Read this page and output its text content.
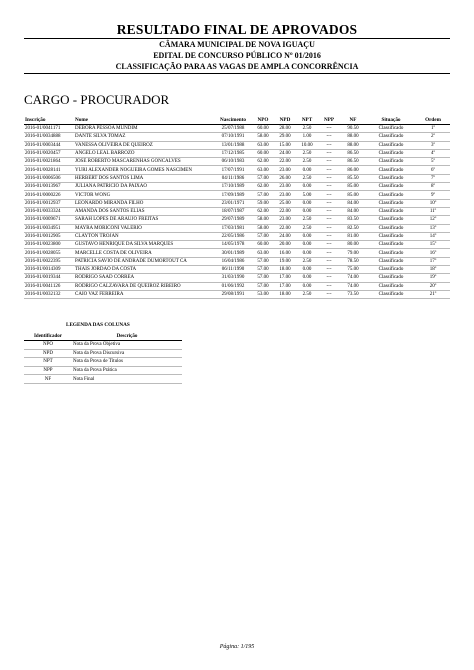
RESULTADO FINAL DE APROVADOS
CÂMARA MUNICIPAL DE NOVA IGUAÇU
EDITAL DE CONCURSO PÚBLICO Nº 01/2016
CLASSIFICAÇÃO PARA AS VAGAS DE AMPLA CONCORRÊNCIA
CARGO - PROCURADOR
Inscrição	Nome	Nascimento	NPO	NPD	NPT	NPP	NF	Situação	Ordem
2016-01/0041171	DEBORA PESSOA MUNDIM	25/07/1988	60.00	28.00	2.50	---	90.50	Classificado	1º
2016-01/0034888	DANTE SILVA TOMAZ	07/10/1991	58.00	29.00	1.00	---	88.00	Classificado	2º
2016-01/0003444	VANESSA OLIVEIRA DE QUEIROZ	13/01/1988	63.00	15.00	10.00	---	88.00	Classificado	3º
2016-01/0020457	ANGELO LEAL BARROZO	17/12/1985	60.00	24.00	2.50	---	86.50	Classificado	4º
2016-01/0021864	JOSE ROBERTO MASCARENHAS GONCALVES	06/10/1983	62.00	22.00	2.50	---	86.50	Classificado	5º
2016-01/0028141	YURI ALEXANDER NOGUEIRA GOMES NASCIMEN	17/07/1991	63.00	23.00	0.00	---	86.00	Classificado	6º
2016-01/0006506	HERBERT DOS SANTOS LIMA	04/11/1986	57.00	26.00	2.50	---	85.50	Classificado	7º
2016-01/0013967	JULIANA PATRICIO DA PAIXAO	17/10/1989	62.00	23.00	0.00	---	85.00	Classificado	8º
2016-01/0000226	VICTOR WONG	17/09/1989	57.00	23.00	5.00	---	85.00	Classificado	9º
2016-01/0012937	LEONARDO MIRANDA FILHO	23/01/1971	59.00	25.00	0.00	---	84.00	Classificado	10º
2016-01/0033324	AMANDA DOS SANTOS ELIAS	18/07/1987	62.00	22.00	0.00	---	84.00	Classificado	11º
2016-01/0009671	SARAH LOPES DE ARAUJO FREITAS	29/07/1989	58.00	23.00	2.50	---	83.50	Classificado	12º
2016-01/0034951	MAYRA MORICONI VALERIO	17/03/1981	58.00	22.00	2.50	---	82.50	Classificado	13º
2016-01/0012905	CLAYTON TROJAN	22/05/1986	57.00	24.00	0.00	---	81.00	Classificado	14º
2016-01/0023800	GUSTAVO HENRIQUE DA SILVA MARQUES	14/05/1978	60.00	20.00	0.00	---	80.00	Classificado	15º
2016-01/0028055	MARCELLE COSTA DE OLIVEIRA	30/01/1989	63.00	16.00	0.00	---	79.00	Classificado	16º
2016-01/0022395	PATRICIA SAVIO DE ANDRADE DUMORTOUT CA	16/04/1986	57.00	19.00	2.50	---	78.50	Classificado	17º
2016-01/0014309	THAIS JORDAO DA COSTA	06/11/1990	57.00	18.00	0.00	---	75.00	Classificado	18º
2016-01/0019344	RODRIGO SAAD CORREA	31/03/1990	57.00	17.00	0.00	---	74.00	Classificado	19º
2016-01/0041126	RODRIGO CALZAVARA DE QUEIROZ RIBEIRO	01/06/1992	57.00	17.00	0.00	---	74.00	Classificado	20º
2016-01/0032132	CAIO VAZ FERREIRA	29/08/1991	53.00	18.00	2.50	---	73.50	Classificado	21º
LEGENDA DAS COLUNAS
Identificador	Descrição
NPO	Nota da Prova Objetiva
NPD	Nota da Prova Discursiva
NPT	Nota da Prova de Títulos
NPP	Nota da Prova Prática
NF	Nota Final
Página: 1/195
